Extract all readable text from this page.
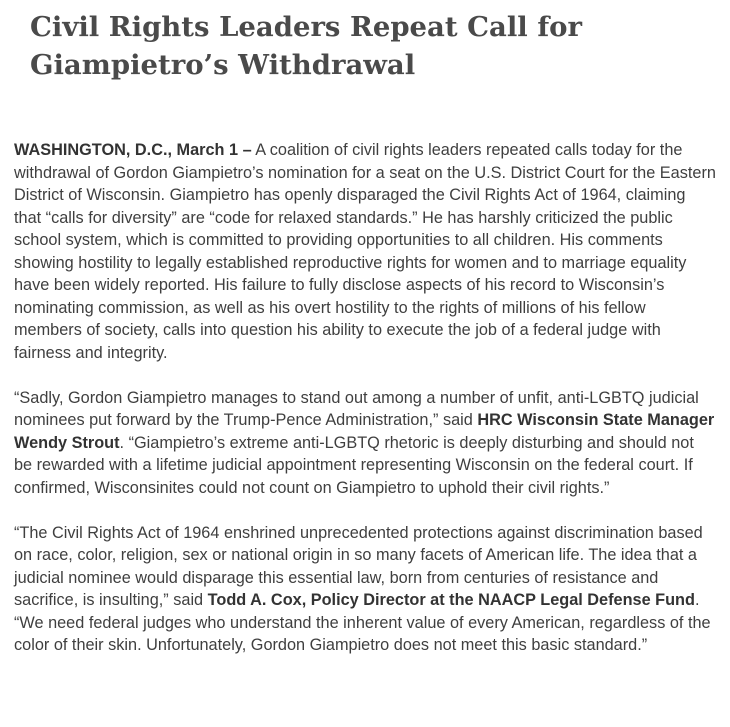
Civil Rights Leaders Repeat Call for
Giampietro’s Withdrawal

WASHINGTON, D.C., March 1 – A coalition of civil rights leaders repeated calls today for the withdrawal of Gordon Giampietro’s nomination for a seat on the U.S. District Court for the Eastern District of Wisconsin. Giampietro has openly disparaged the Civil Rights Act of 1964, claiming that “calls for diversity” are “code for relaxed standards.” He has harshly criticized the public school system, which is committed to providing opportunities to all children. His comments showing hostility to legally established reproductive rights for women and to marriage equality have been widely reported. His failure to fully disclose aspects of his record to Wisconsin’s nominating commission, as well as his overt hostility to the rights of millions of his fellow members of society, calls into question his ability to execute the job of a federal judge with fairness and integrity.

“Sadly, Gordon Giampietro manages to stand out among a number of unfit, anti-LGBTQ judicial nominees put forward by the Trump-Pence Administration,” said HRC Wisconsin State Manager Wendy Strout. “Giampietro’s extreme anti-LGBTQ rhetoric is deeply disturbing and should not be rewarded with a lifetime judicial appointment representing Wisconsin on the federal court. If confirmed, Wisconsinites could not count on Giampietro to uphold their civil rights.”

“The Civil Rights Act of 1964 enshrined unprecedented protections against discrimination based on race, color, religion, sex or national origin in so many facets of American life. The idea that a judicial nominee would disparage this essential law, born from centuries of resistance and sacrifice, is insulting,” said Todd A. Cox, Policy Director at the NAACP Legal Defense Fund. “We need federal judges who understand the inherent value of every American, regardless of the color of their skin. Unfortunately, Gordon Giampietro does not meet this basic standard.”
